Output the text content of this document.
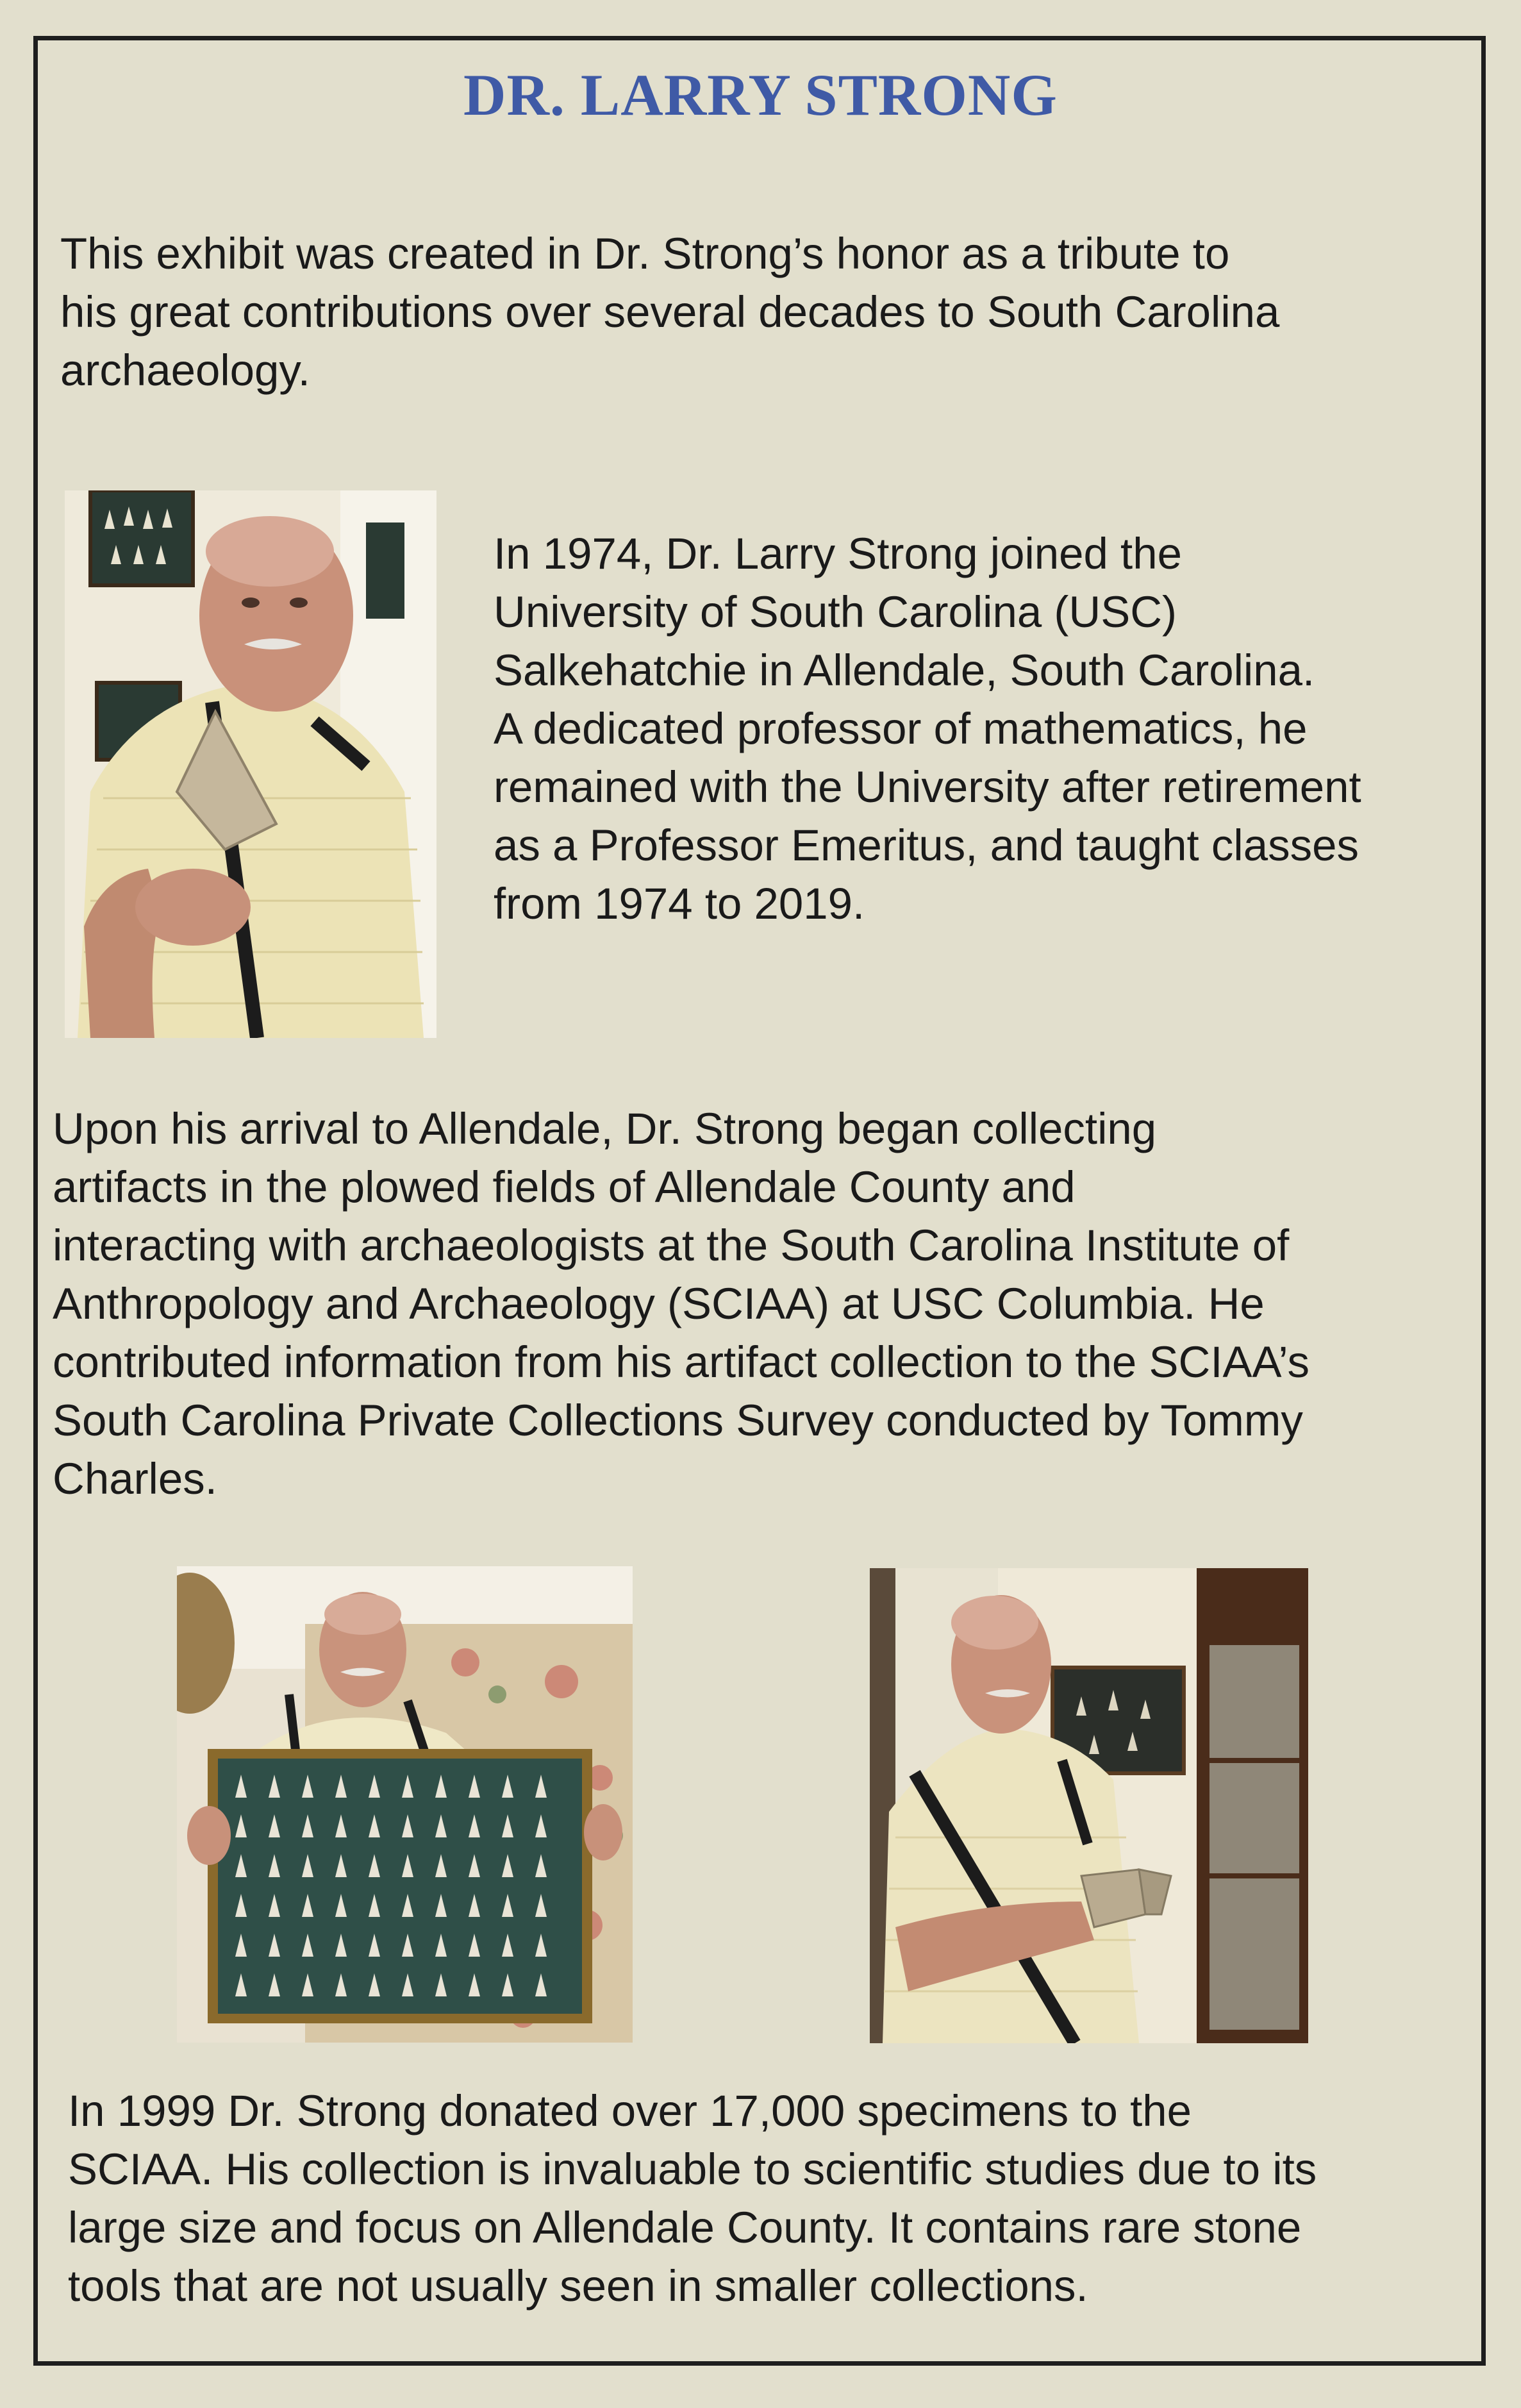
DR. LARRY STRONG

This exhibit was created in Dr. Strong’s honor as a tribute to
his great contributions over several decades to South Carolina
archaeology.

In 1974, Dr. Larry Strong joined the
University of South Carolina (USC)
Salkehatchie in Allendale, South Carolina.
A dedicated professor of mathematics, he
remained with the University after retirement
as a Professor Emeritus, and taught classes
from 1974 to 2019.

Upon his arrival to Allendale, Dr. Strong began collecting
artifacts in the plowed fields of Allendale County and
interacting with archaeologists at the South Carolina Institute of
Anthropology and Archaeology (SCIAA) at USC Columbia. He
contributed information from his artifact collection to the SCIAA’s
South Carolina Private Collections Survey conducted by Tommy
Charles.

In 1999 Dr. Strong donated over 17,000 specimens to the
SCIAA. His collection is invaluable to scientific studies due to its
large size and focus on Allendale County. It contains rare stone
tools that are not usually seen in smaller collections.
